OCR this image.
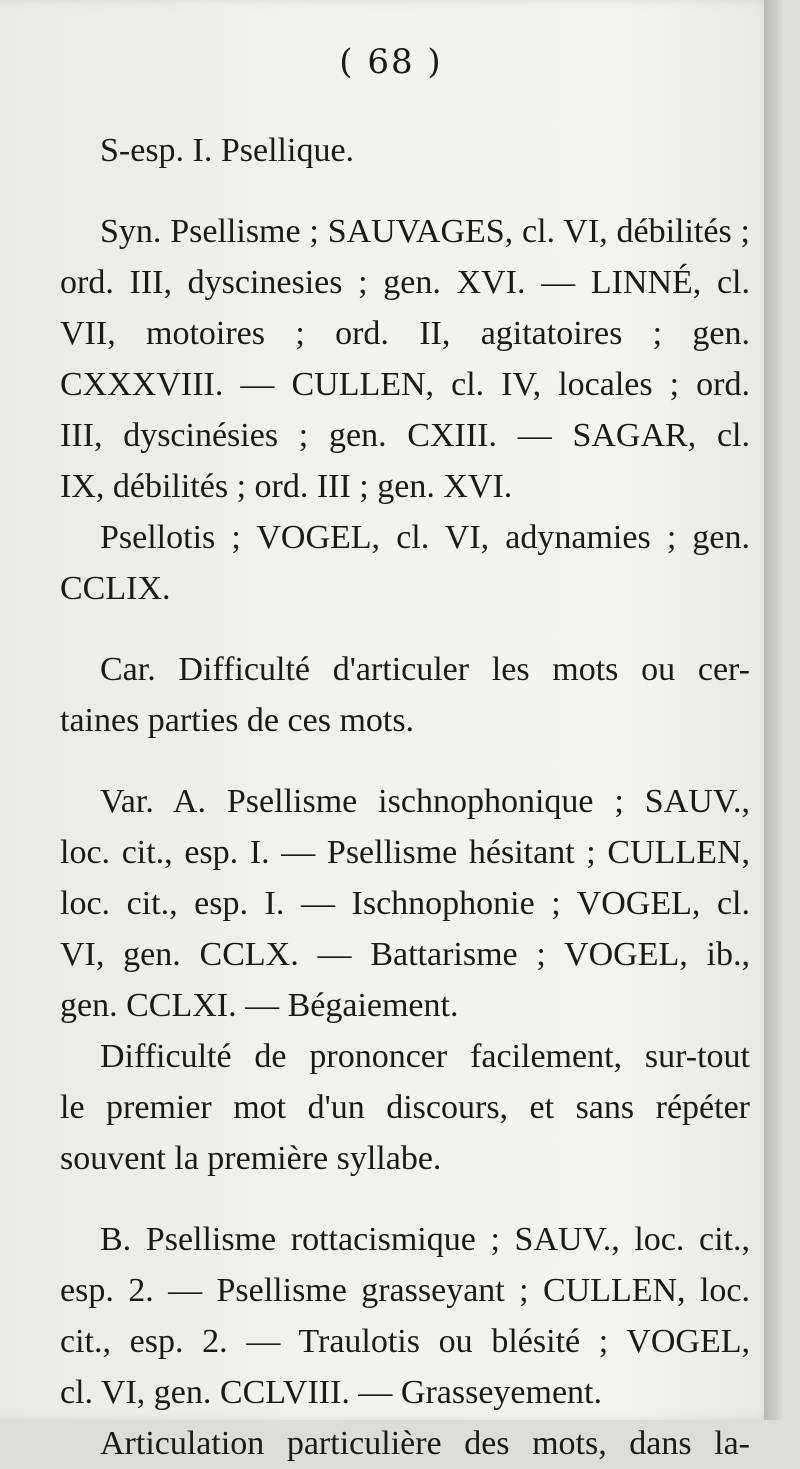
( 68 )
S-esp. I. Psellique.
Syn. Psellisme ; SAUVAGES, cl. VI, débilités ;
ord. III, dyscinesies ; gen. XVI. — LINNÉ, cl.
VII, motoires ; ord. II, agitatoires ; gen.
CXXXVIII. — CULLEN, cl. IV, locales ; ord.
III, dyscinésies ; gen. CXIII. — SAGAR, cl.
IX, débilités ; ord. III ; gen. XVI.
Psellotis ; VOGEL, cl. VI, adynamies ; gen.
CCLIX.
Car. Difficulté d'articuler les mots ou cer-
taines parties de ces mots.
Var. A. Psellisme ischnophonique ; SAUV.,
loc. cit., esp. I. — Psellisme hésitant ; CULLEN,
loc. cit., esp. I. — Ischnophonie ; VOGEL, cl.
VI, gen. CCLX. — Battarisme ; VOGEL, ib.,
gen. CCLXI. — Bégaiement.
Difficulté de prononcer facilement, sur-tout
le premier mot d'un discours, et sans répéter
souvent la première syllabe.
B. Psellisme rottacismique ; SAUV., loc. cit.,
esp. 2. — Psellisme grasseyant ; CULLEN, loc.
cit., esp. 2. — Traulotis ou blésité ; VOGEL,
cl. VI, gen. CCLVIII. — Grasseyement.
Articulation particulière des mots, dans la-
